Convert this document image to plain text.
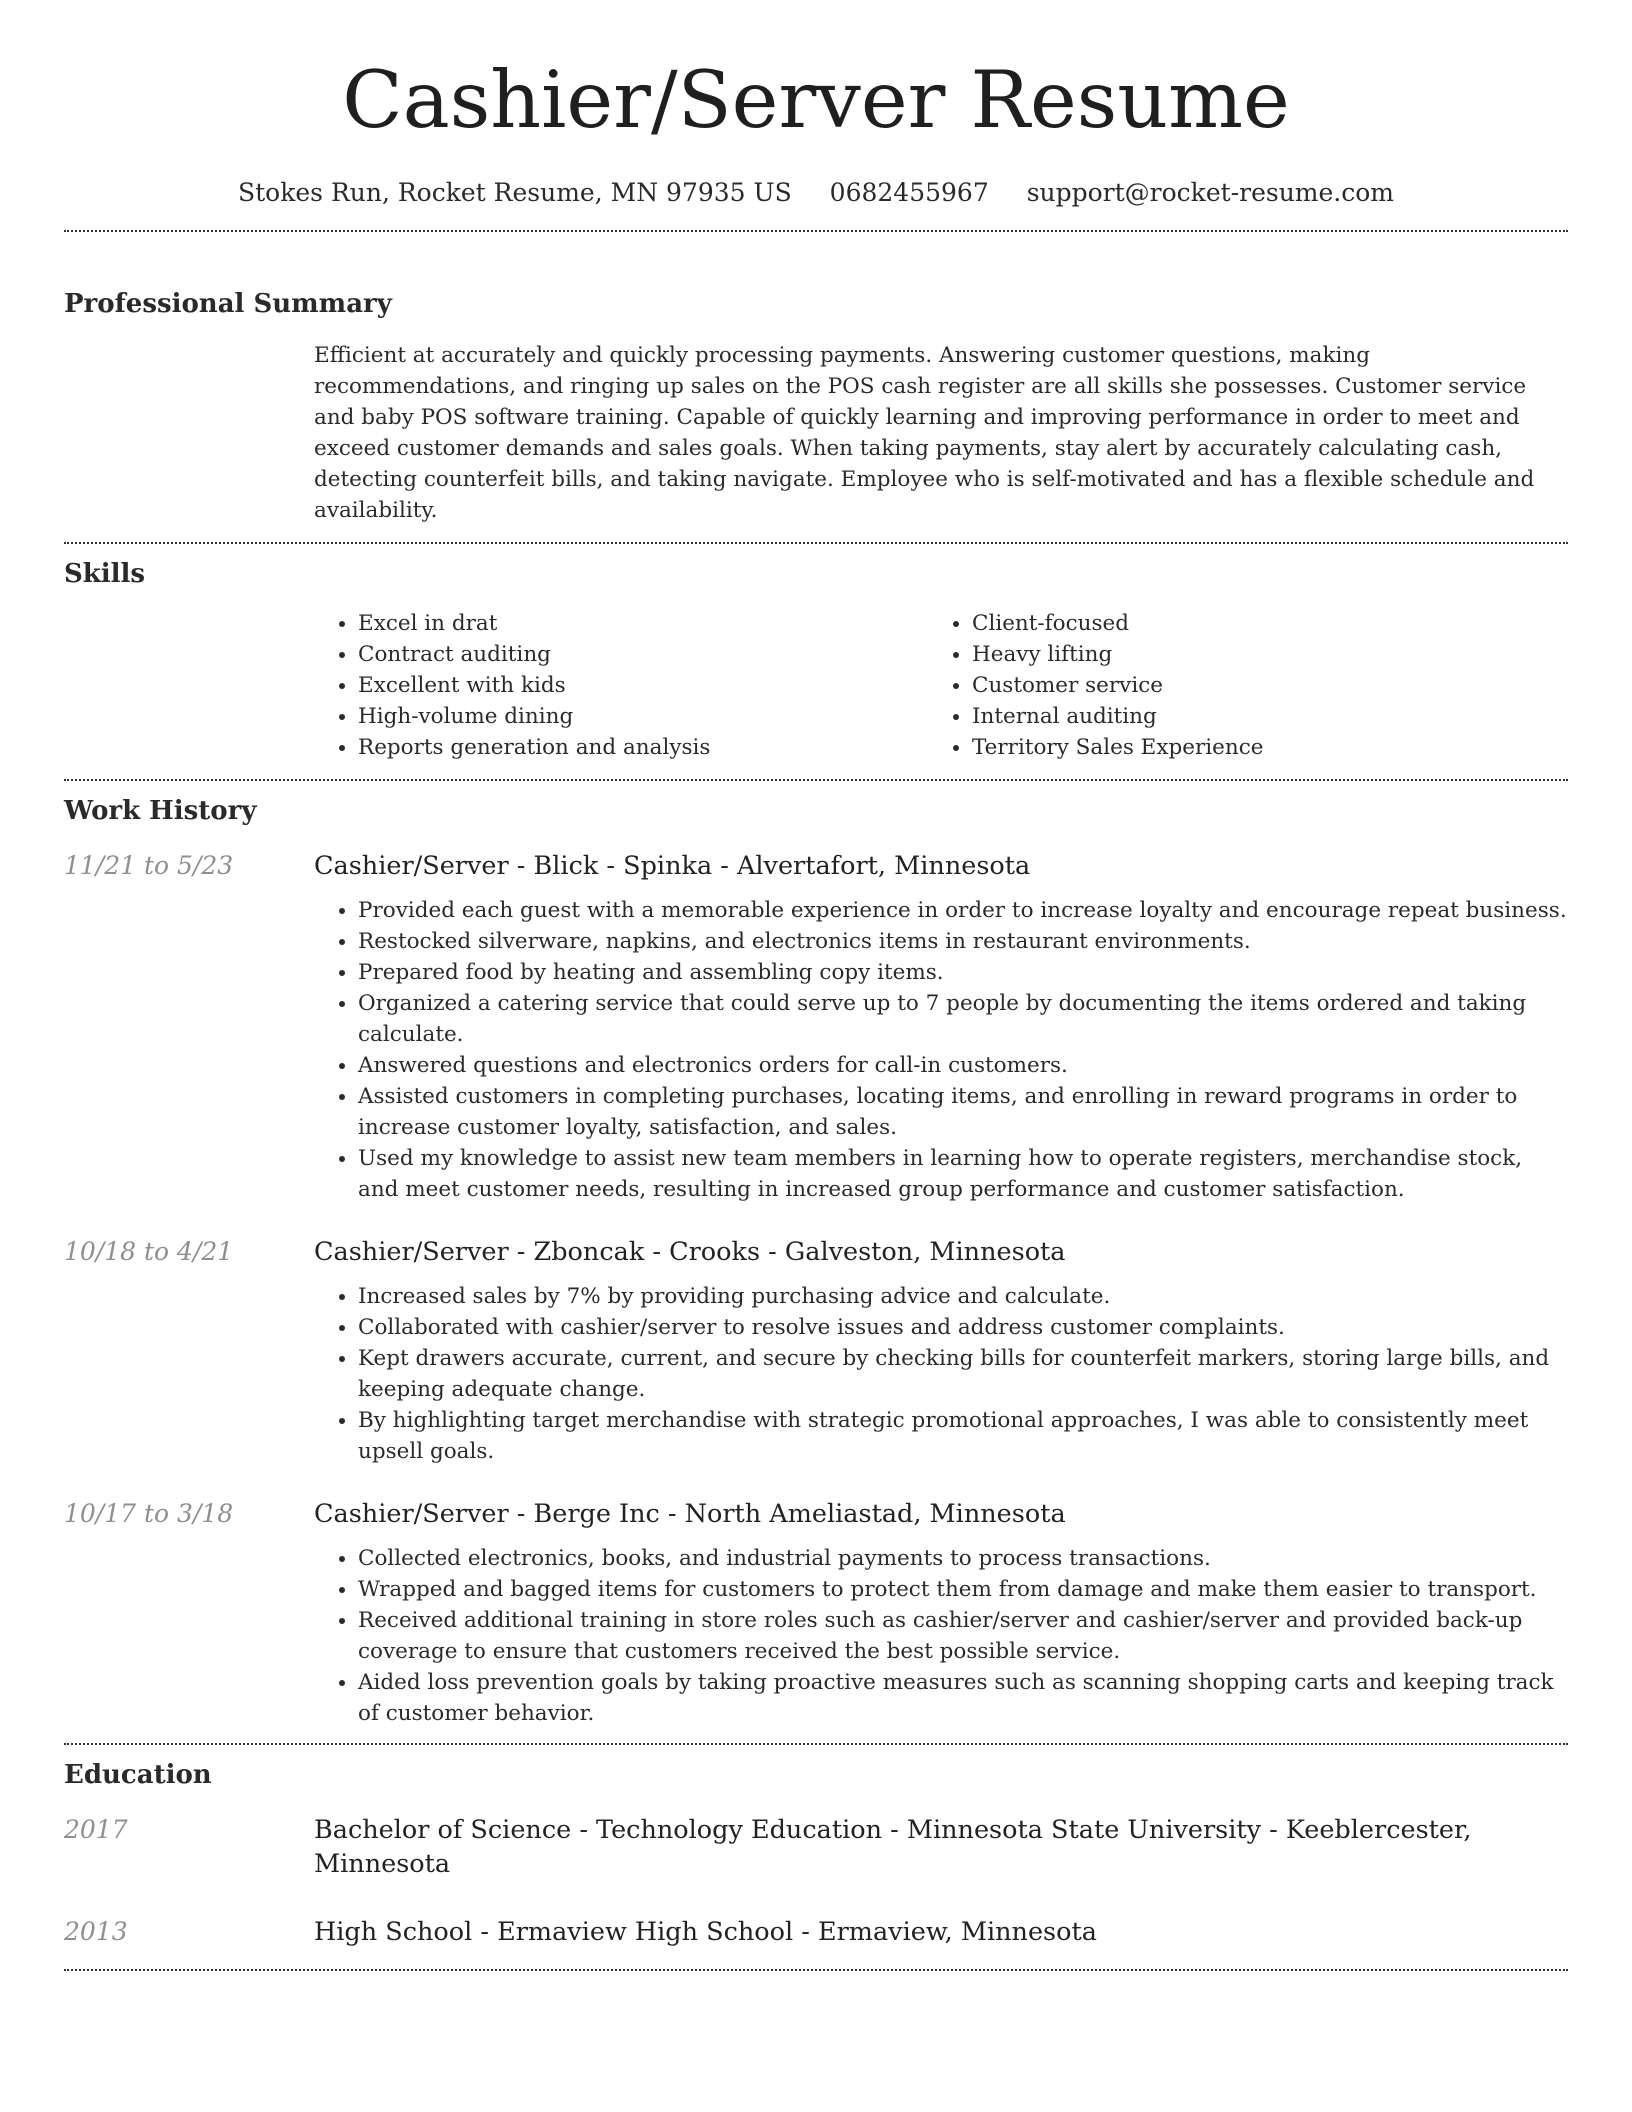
Cashier/Server Resume
Stokes Run, Rocket Resume, MN 97935 US 0682455967 support@rocket-resume.com
Professional Summary

Efficient at accurately and quickly processing payments. Answering customer questions, making recommendations, and ringing up sales on the POS cash register are all skills she possesses. Customer service and baby POS software training. Capable of quickly learning and improving performance in order to meet and exceed customer demands and sales goals. When taking payments, stay alert by accurately calculating cash, detecting counterfeit bills, and taking navigate. Employee who is self-motivated and has a flexible schedule and availability.

Skills
• Excel in drat
• Contract auditing
• Excellent with kids
• High-volume dining
• Reports generation and analysis
• Client-focused
• Heavy lifting
• Customer service
• Internal auditing
• Territory Sales Experience
Work History
11/21 to 5/23	Cashier/Server - Blick - Spinka - Alvertafort, Minnesota
• Provided each guest with a memorable experience in order to increase loyalty and encourage repeat business.
• Restocked silverware, napkins, and electronics items in restaurant environments.
• Prepared food by heating and assembling copy items.
• Organized a catering service that could serve up to 7 people by documenting the items ordered and taking calculate.
• Answered questions and electronics orders for call-in customers.
• Assisted customers in completing purchases, locating items, and enrolling in reward programs in order to increase customer loyalty, satisfaction, and sales.
• Used my knowledge to assist new team members in learning how to operate registers, merchandise stock, and meet customer needs, resulting in increased group performance and customer satisfaction.
10/18 to 4/21	Cashier/Server - Zboncak - Crooks - Galveston, Minnesota
• Increased sales by 7% by providing purchasing advice and calculate.
• Collaborated with cashier/server to resolve issues and address customer complaints.
• Kept drawers accurate, current, and secure by checking bills for counterfeit markers, storing large bills, and keeping adequate change.
• By highlighting target merchandise with strategic promotional approaches, I was able to consistently meet upsell goals.
10/17 to 3/18	Cashier/Server - Berge Inc - North Ameliastad, Minnesota
• Collected electronics, books, and industrial payments to process transactions.
• Wrapped and bagged items for customers to protect them from damage and make them easier to transport.
• Received additional training in store roles such as cashier/server and cashier/server and provided back-up coverage to ensure that customers received the best possible service.
• Aided loss prevention goals by taking proactive measures such as scanning shopping carts and keeping track of customer behavior.
Education
2017	Bachelor of Science - Technology Education - Minnesota State University - Keeblercester, Minnesota
2013	High School - Ermaview High School - Ermaview, Minnesota
